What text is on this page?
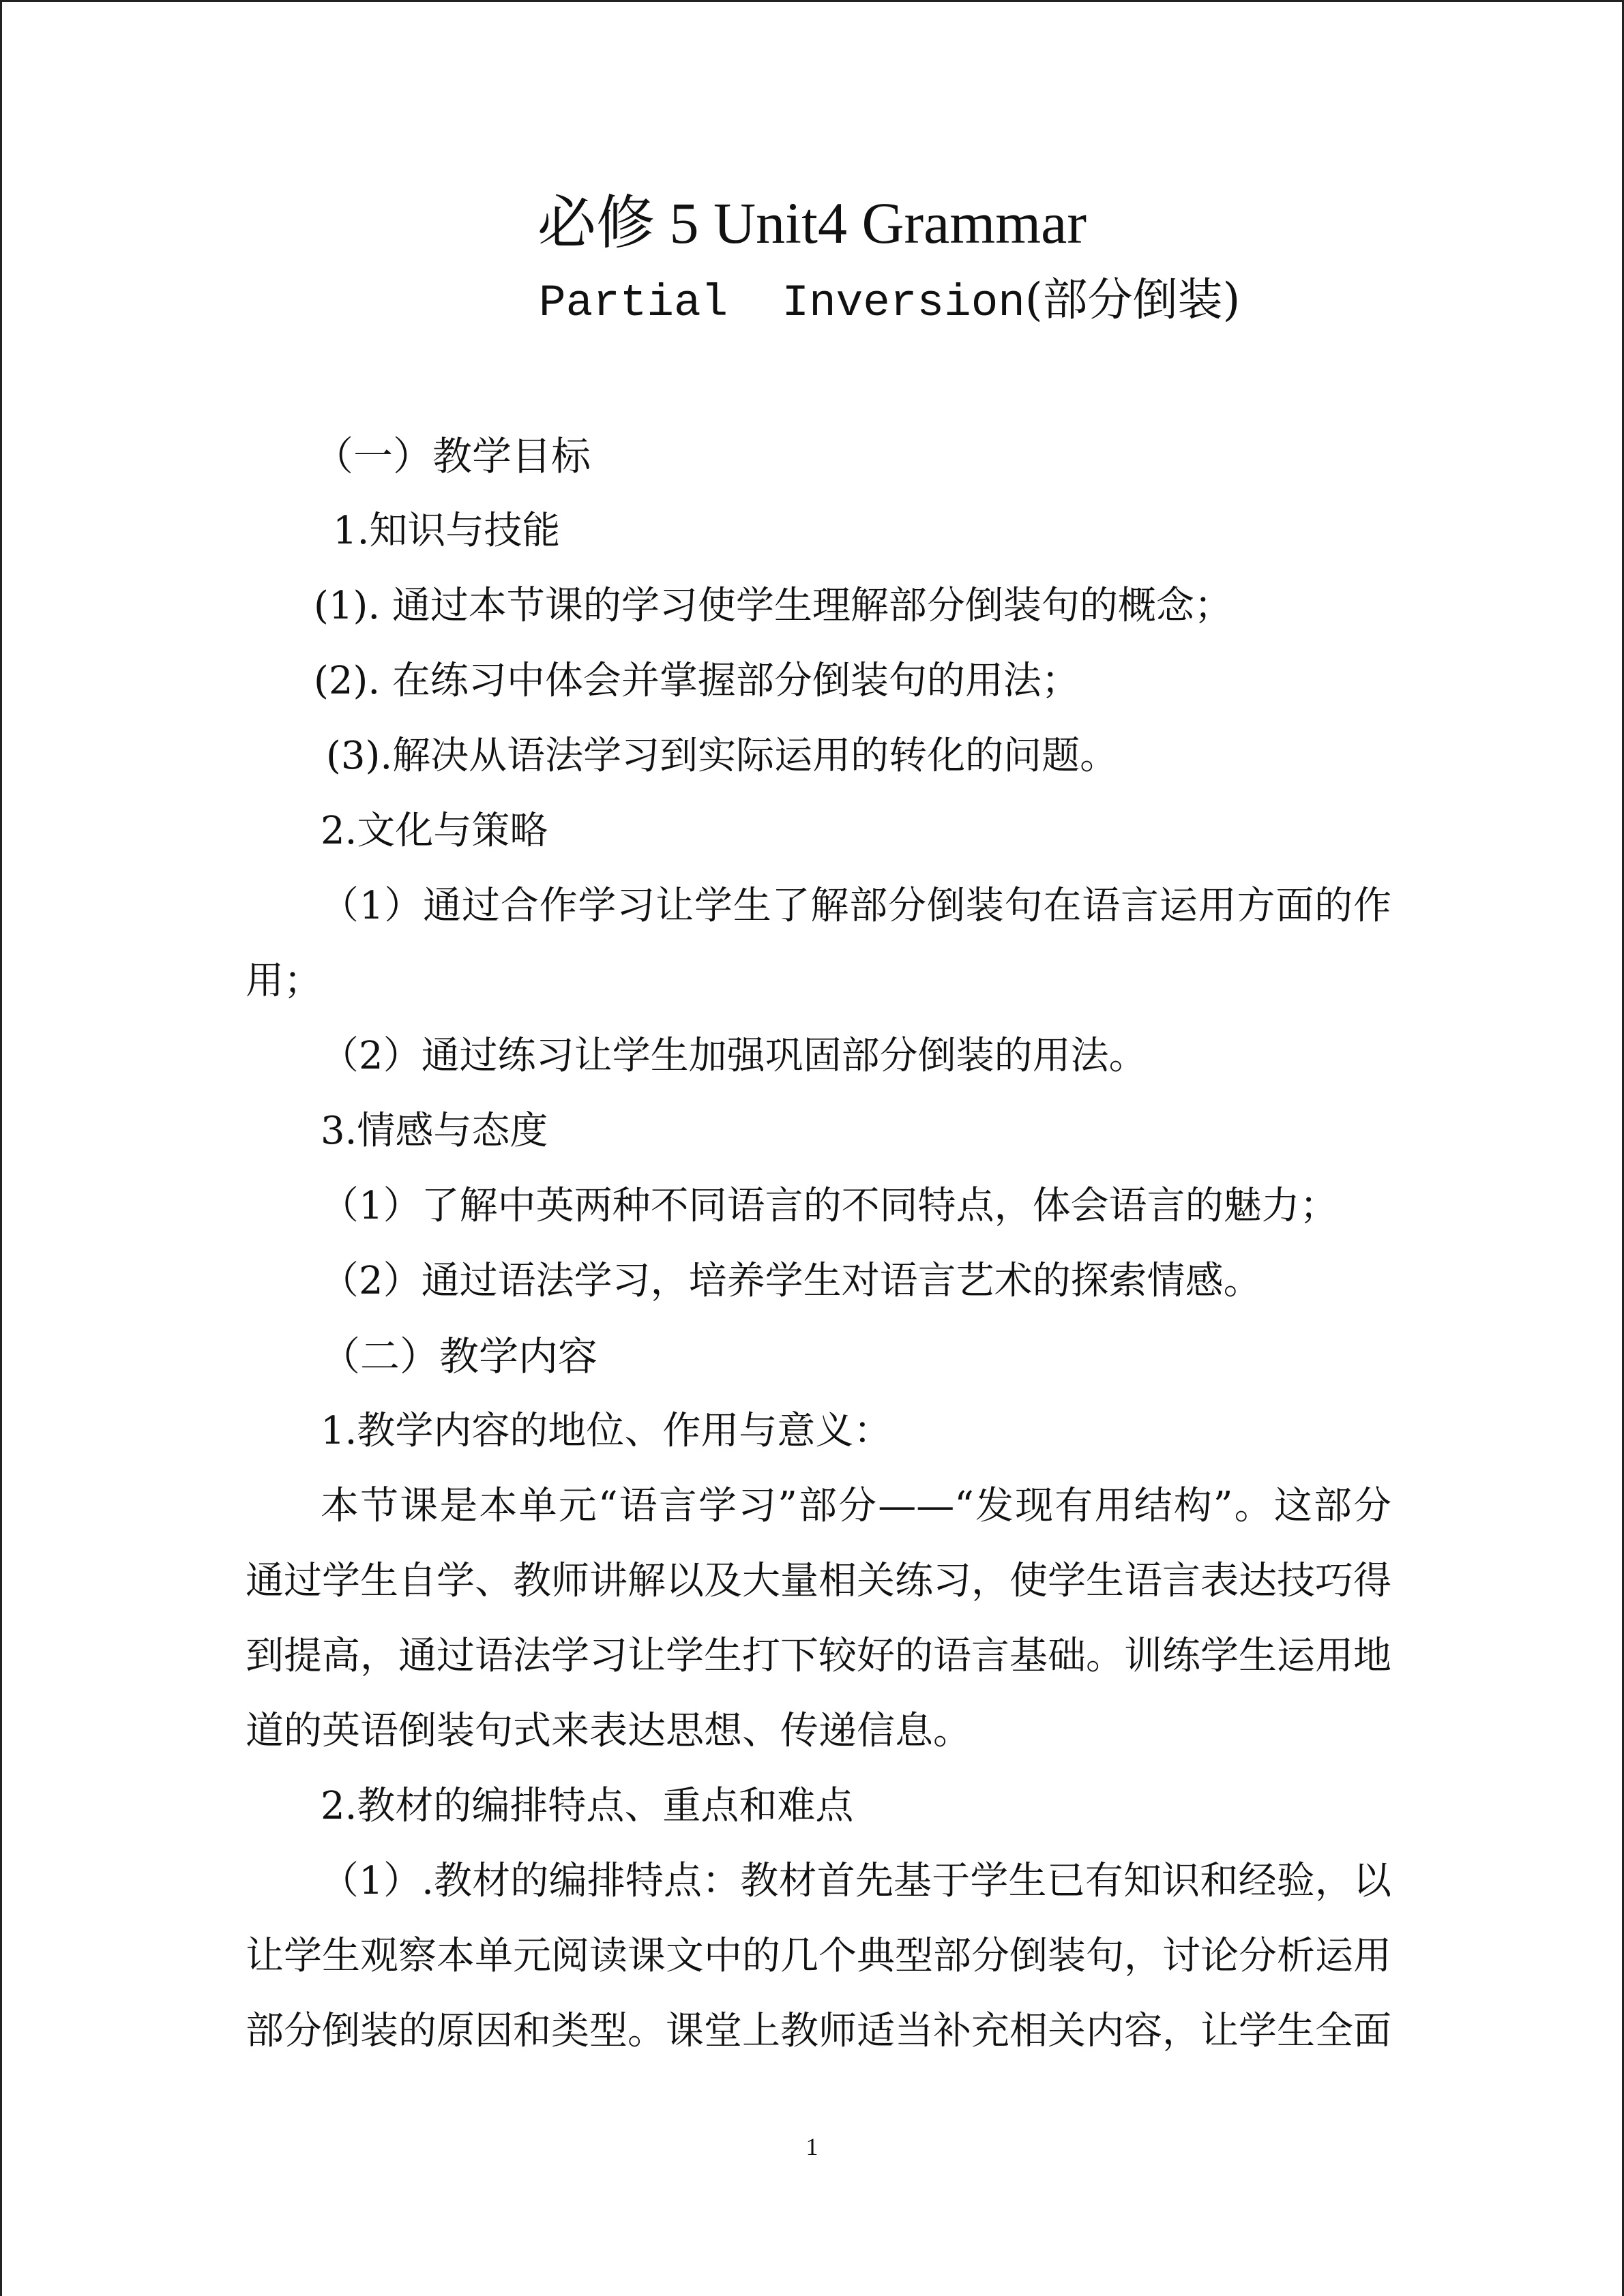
必修 5 Unit4 Grammar
Partial  Inversion(部分倒装)
（一）教学目标
1.知识与技能
(1). 通过本节课的学习使学生理解部分倒装句的概念；
(2). 在练习中体会并掌握部分倒装句的用法；
(3).解决从语法学习到实际运用的转化的问题。
2.文化与策略
（1）通过合作学习让学生了解部分倒装句在语言运用方面的作用；
（2）通过练习让学生加强巩固部分倒装的用法。
3.情感与态度
（1）了解中英两种不同语言的不同特点，体会语言的魅力；
（2）通过语法学习，培养学生对语言艺术的探索情感。
（二）教学内容
1.教学内容的地位、作用与意义：
本节课是本单元“语言学习”部分——“发现有用结构”。这部分通过学生自学、教师讲解以及大量相关练习，使学生语言表达技巧得到提高，通过语法学习让学生打下较好的语言基础。训练学生运用地道的英语倒装句式来表达思想、传递信息。
2.教材的编排特点、重点和难点
（1）.教材的编排特点：教材首先基于学生已有知识和经验，以让学生观察本单元阅读课文中的几个典型部分倒装句，讨论分析运用部分倒装的原因和类型。课堂上教师适当补充相关内容，让学生全面
1
